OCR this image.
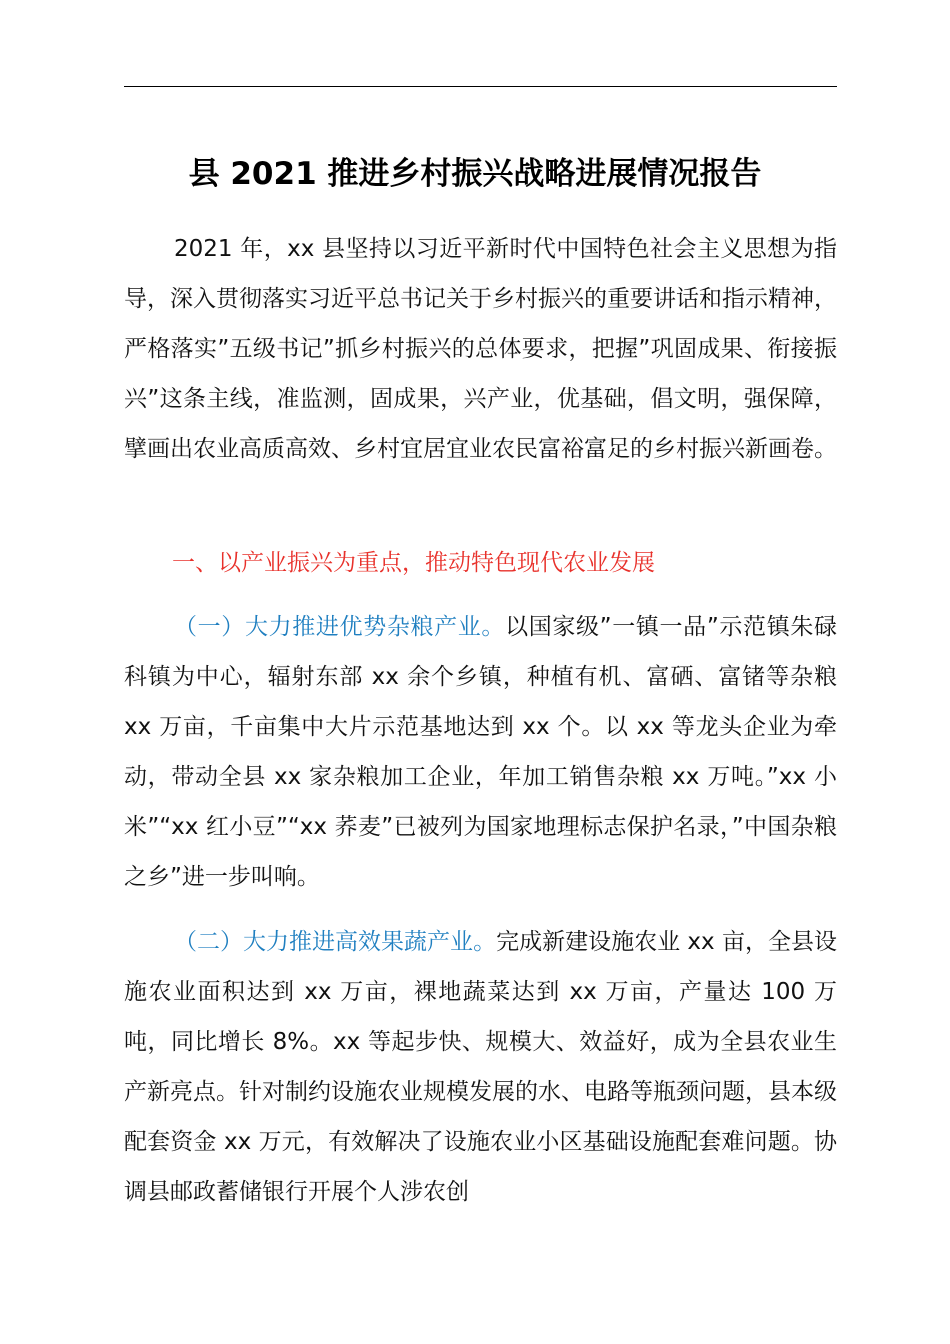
县 2021 推进乡村振兴战略进展情况报告

2021 年，xx 县坚持以习近平新时代中国特色社会主义思想为指导，深入贯彻落实习近平总书记关于乡村振兴的重要讲话和指示精神，严格落实”五级书记”抓乡村振兴的总体要求，把握”巩固成果、衔接振兴”这条主线，准监测，固成果，兴产业，优基础，倡文明，强保障，擘画出农业高质高效、乡村宜居宜业农民富裕富足的乡村振兴新画卷。

一、以产业振兴为重点，推动特色现代农业发展

（一）大力推进优势杂粮产业。以国家级”一镇一品”示范镇朱碌科镇为中心，辐射东部 xx 余个乡镇，种植有机、富硒、富锗等杂粮 xx 万亩，千亩集中大片示范基地达到 xx 个。以 xx 等龙头企业为牵动，带动全县 xx 家杂粮加工企业，年加工销售杂粮 xx 万吨。”xx 小米”“xx 红小豆”“xx 荞麦”已被列为国家地理标志保护名录，”中国杂粮之乡”进一步叫响。

（二）大力推进高效果蔬产业。完成新建设施农业 xx 亩，全县设施农业面积达到 xx 万亩，裸地蔬菜达到 xx 万亩，产量达 100 万吨，同比增长 8%。xx 等起步快、规模大、效益好，成为全县农业生产新亮点。针对制约设施农业规模发展的水、电路等瓶颈问题，县本级配套资金 xx 万元，有效解决了设施农业小区基础设施配套难问题。协调县邮政蓄储银行开展个人涉农创
